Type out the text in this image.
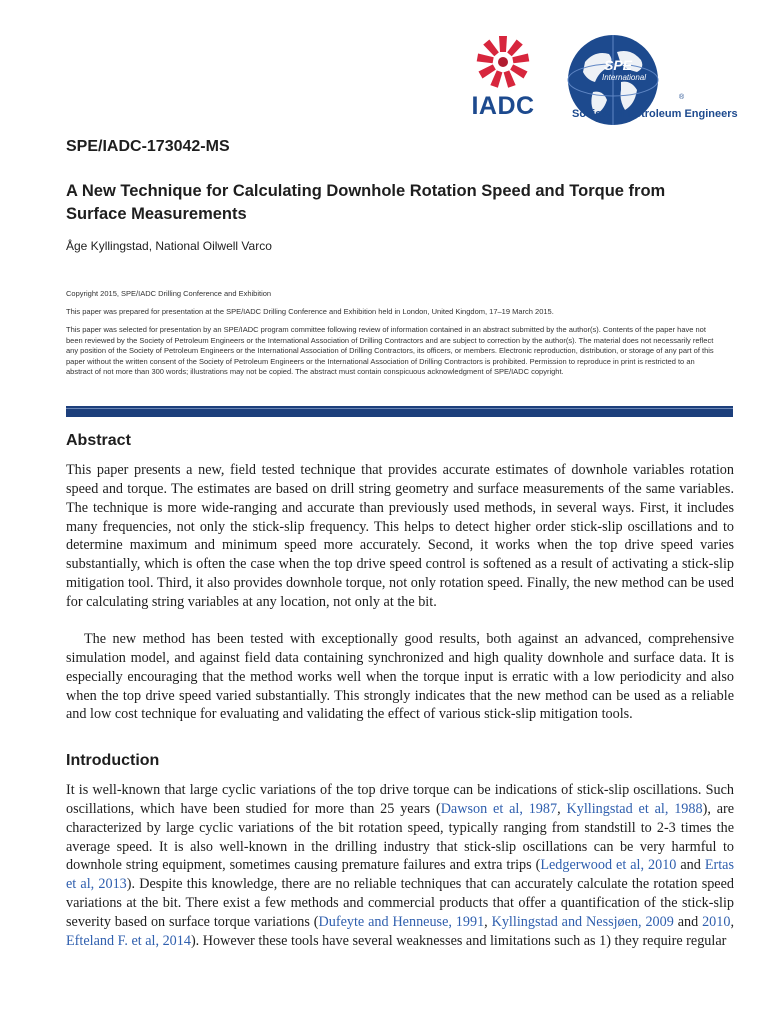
IADC
SPE
International
®
Society of Petroleum Engineers

SPE/IADC-173042-MS

A New Technique for Calculating Downhole Rotation Speed and Torque from Surface Measurements

Åge Kyllingstad, National Oilwell Varco

Copyright 2015, SPE/IADC Drilling Conference and Exhibition

This paper was prepared for presentation at the SPE/IADC Drilling Conference and Exhibition held in London, United Kingdom, 17–19 March 2015.

This paper was selected for presentation by an SPE/IADC program committee following review of information contained in an abstract submitted by the author(s). Contents of the paper have not been reviewed by the Society of Petroleum Engineers or the International Association of Drilling Contractors and are subject to correction by the author(s). The material does not necessarily reflect any position of the Society of Petroleum Engineers or the International Association of Drilling Contractors, its officers, or members. Electronic reproduction, distribution, or storage of any part of this paper without the written consent of the Society of Petroleum Engineers or the International Association of Drilling Contractors is prohibited. Permission to reproduce in print is restricted to an abstract of not more than 300 words; illustrations may not be copied. The abstract must contain conspicuous acknowledgment of SPE/IADC copyright.

Abstract

This paper presents a new, field tested technique that provides accurate estimates of downhole variables rotation speed and torque. The estimates are based on drill string geometry and surface measurements of the same variables. The technique is more wide-ranging and accurate than previously used methods, in several ways. First, it includes many frequencies, not only the stick-slip frequency. This helps to detect higher order stick-slip oscillations and to determine maximum and minimum speed more accurately. Second, it works when the top drive speed varies substantially, which is often the case when the top drive speed control is softened as a result of activating a stick-slip mitigation tool. Third, it also provides downhole torque, not only rotation speed. Finally, the new method can be used for calculating string variables at any location, not only at the bit.

The new method has been tested with exceptionally good results, both against an advanced, comprehensive simulation model, and against field data containing synchronized and high quality downhole and surface data. It is especially encouraging that the method works well when the torque input is erratic with a low periodicity and also when the top drive speed varied substantially. This strongly indicates that the new method can be used as a reliable and low cost technique for evaluating and validating the effect of various stick-slip mitigation tools.

Introduction

It is well-known that large cyclic variations of the top drive torque can be indications of stick-slip oscillations. Such oscillations, which have been studied for more than 25 years (Dawson et al, 1987, Kyllingstad et al, 1988), are characterized by large cyclic variations of the bit rotation speed, typically ranging from standstill to 2-3 times the average speed. It is also well-known in the drilling industry that stick-slip oscillations can be very harmful to downhole string equipment, sometimes causing premature failures and extra trips (Ledgerwood et al, 2010 and Ertas et al, 2013). Despite this knowledge, there are no reliable techniques that can accurately calculate the rotation speed variations at the bit. There exist a few methods and commercial products that offer a quantification of the stick-slip severity based on surface torque variations (Dufeyte and Henneuse, 1991, Kyllingstad and Nessjøen, 2009 and 2010, Efteland F. et al, 2014). However these tools have several weaknesses and limitations such as 1) they require regular
